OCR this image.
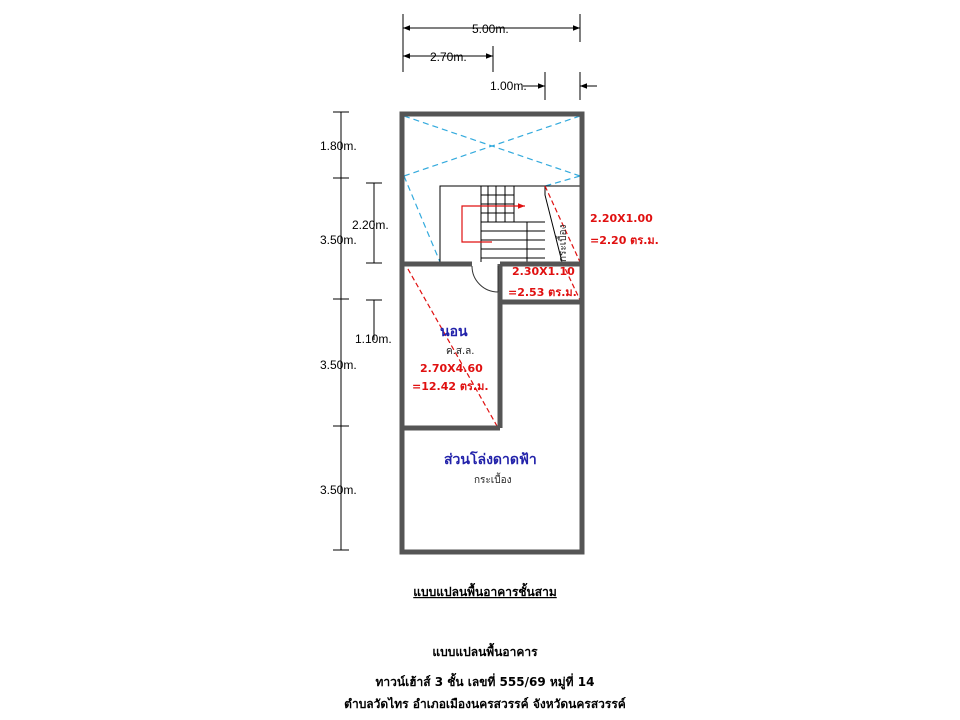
5.00m.
2.70m.
1.00m.
1.80m.
3.50m.
3.50m.
3.50m.
2.20m.
1.10m.	นอน
ค.ส.ล.
2.70X4.60
=12.42 ตร.ม.
2.30X1.10
=2.53 ตร.ม.
กระเบื้อง
2.20X1.00
=2.20 ตร.ม.
ส่วนโล่งดาดฟ้า
กระเบื้อง
แบบแปลนพื้นอาคารชั้นสาม
แบบแปลนพื้นอาคาร
ทาวน์เฮ้าส์ 3 ชั้น เลขที่ 555/69 หมู่ที่ 14
ตำบลวัดไทร อำเภอเมืองนครสวรรค์ จังหวัดนครสวรรค์
